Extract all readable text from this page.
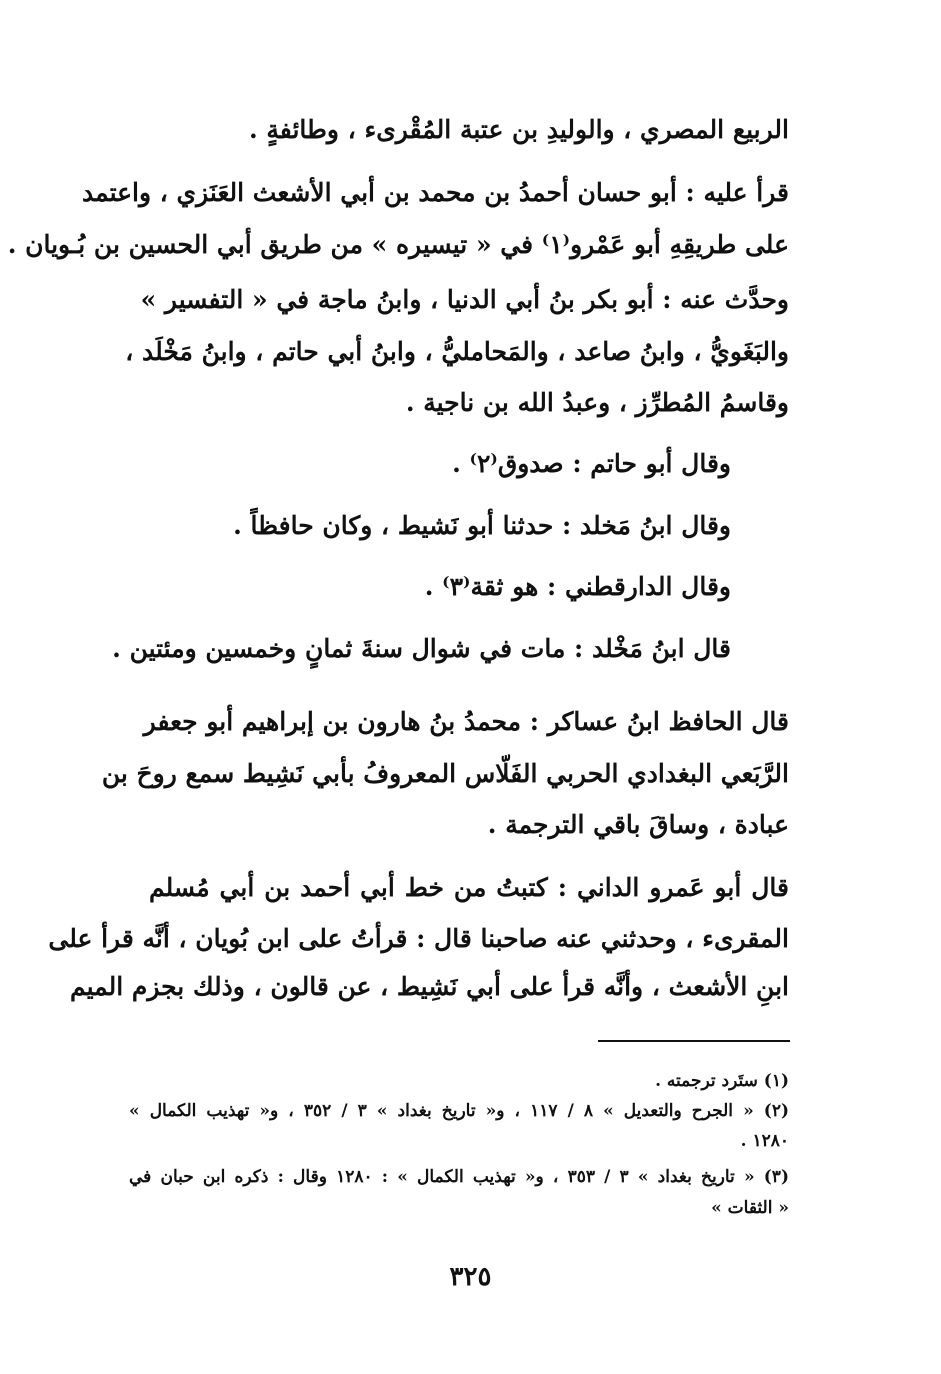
الربيع المصري ، والوليدِ بن عتبة المُقْرىء ، وطائفةٍ .
قرأ عليه : أبو حسان أحمدُ بن محمد بن أبي الأشعث العَنَزي ، واعتمد
على طريقِهِ أبو عَمْرو⁽١⁾ في « تيسيره » من طريق أبي الحسين بن بُـويان .
وحدَّث عنه : أبو بكر بنُ أبي الدنيا ، وابنُ ماجة في « التفسير »
والبَغَويُّ ، وابنُ صاعد ، والمَحامليُّ ، وابنُ أبي حاتم ، وابنُ مَخْلَد ،
وقاسمُ المُطرِّز ، وعبدُ الله بن ناجية .
وقال أبو حاتم : صدوق⁽٢⁾ .
وقال ابنُ مَخلد : حدثنا أبو نَشيط ، وكان حافظاً .
وقال الدارقطني : هو ثقة⁽٣⁾ .
قال ابنُ مَخْلد : مات في شوال سنةَ ثمانٍ وخمسين ومئتين .
قال الحافظ ابنُ عساكر : محمدُ بنُ هارون بن إبراهيم أبو جعفر
الرَّبَعي البغدادي الحربي الفَلّاس المعروفُ بأبي نَشِيط سمع روحَ بن
عبادة ، وساقَ باقي الترجمة .
قال أبو عَمرو الداني : كتبتُ من خط أبي أحمد بن أبي مُسلم
المقرىء ، وحدثني عنه صاحبنا قال : قرأتُ على ابن بُويان ، أنَّه قرأ على
ابنِ الأشعث ، وأنَّه قرأ على أبي نَشِيط ، عن قالون ، وذلك بجزم الميم
(١) ستَرد ترجمته .
(٢) « الجرح والتعديل » ٨ / ١١٧ ، و« تاريخ بغداد » ٣ / ٣٥٢ ، و« تهذيب الكمال »
١٢٨٠ .
(٣) « تاريخ بغداد » ٣ / ٣٥٣ ، و« تهذيب الكمال » : ١٢٨٠ وقال : ذكره ابن حبان في
« الثقات »
٣٢٥
